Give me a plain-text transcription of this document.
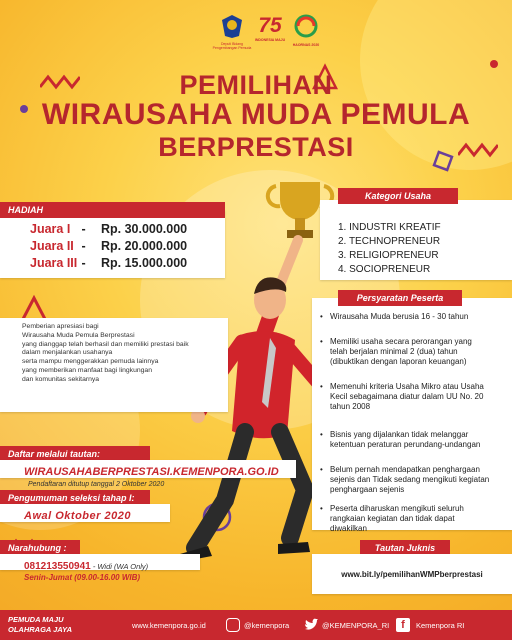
Deputi Bidang Pengembangan Pemuda
75
INDONESIA MAJU
HAORNAS 2020
PEMILIHAN
WIRAUSAHA MUDA PEMULA
BERPRESTASI
HADIAH
Juara I - Rp. 30.000.000
Juara II - Rp. 20.000.000
Juara III - Rp. 15.000.000
Pemberian apresiasi bagi
Wirausaha Muda Pemula Berprestasi
yang dianggap telah berhasil dan memiliki prestasi baik
dalam menjalankan usahanya
serta mampu menggerakkan pemuda lainnya
yang memberikan manfaat bagi lingkungan
dan komunitas sekitarnya
Kategori Usaha
1. INDUSTRI KREATIF
2. TECHNOPRENEUR
3. RELIGIOPRENEUR
4. SOCIOPRENEUR
Persyaratan Peserta
• Wirausaha Muda berusia 16 - 30 tahun
• Memiliki usaha secara perorangan yang telah berjalan minimal 2 (dua) tahun (dibuktikan dengan laporan keuangan)
• Memenuhi kriteria Usaha Mikro atau Usaha Kecil sebagaimana diatur dalam UU No. 20 tahun 2008
• Bisnis yang dijalankan tidak melanggar ketentuan peraturan perundang-undangan
• Belum pernah mendapatkan penghargaan sejenis dan Tidak sedang mengikuti kegiatan penghargaan sejenis
• Peserta diharuskan mengikuti seluruh rangkaian kegiatan dan tidak dapat diwakilkan
Daftar melalui tautan:
WIRAUSAHABERPRESTASI.KEMENPORA.GO.ID
Pendaftaran ditutup tanggal 2 Oktober 2020
Pengumuman seleksi tahap I:
Awal Oktober 2020
Narahubung :
081213550941 - Widi (WA Only)
Senin-Jumat (09.00-16.00 WIB)
Tautan Juknis
www.bit.ly/pemilihanWMPberprestasi
PEMUDA MAJU
OLAHRAGA JAYA	www.kemenpora.go.id	@kemenpora	@KEMENPORA_RI	f	Kemenpora RI
